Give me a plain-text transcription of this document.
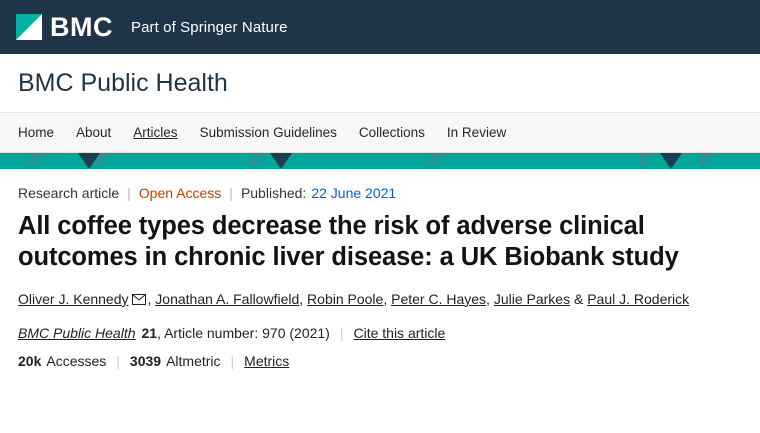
BMC Part of Springer Nature
BMC Public Health
Home About Articles Submission Guidelines Collections In Review
Research article | Open Access | Published: 22 June 2021
All coffee types decrease the risk of adverse clinical outcomes in chronic liver disease: a UK Biobank study
Oliver J. Kennedy , Jonathan A. Fallowfield, Robin Poole, Peter C. Hayes, Julie Parkes & Paul J. Roderick
BMC Public Health 21 , Article number: 970 (2021) | Cite this article
20k Accesses | 3039 Altmetric | Metrics
